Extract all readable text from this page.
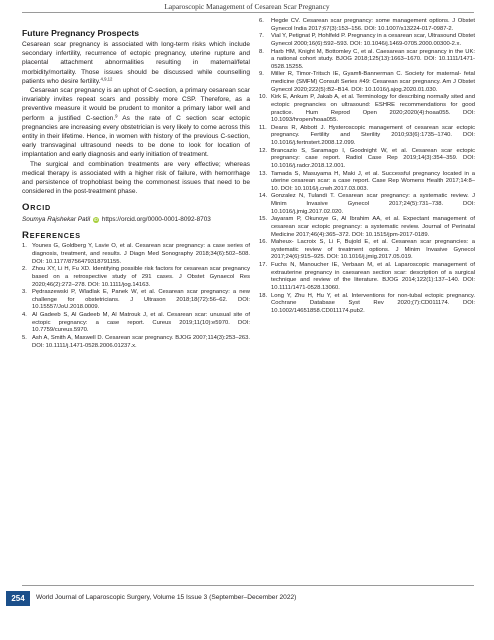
Laparoscopic Management of Cesarean Scar Pregnancy
Future Pregnancy Prospects

Cesarean scar pregnancy is associated with long-term risks which include secondary infertility, recurrence of ectopic pregnancy, uterine rupture and placental attachment abnormalities resulting in maternal/fetal morbidity/mortality. Those issues should be discussed while counselling patients who desire fertility.$^{4,9,12}$

Cesarean scar pregnancy is an uphot of C-section, a primary cesarean scar invariably invites repeat scars and possibly more CSP. Therefore, as a preventive measure it would be prudent to monitor a primary labor well and perform a justified C-section.$^9$ As the rate of C section scar ectopic pregnancies are increasing every obstetrician is very likely to come across this entity in their lifetime. Hence, in women with history of the previous C-section, early transvaginal ultrasound needs to be done to look for location of implantation and early diagnosis and early initiation of treatment.

The surgical and combination treatments are very effective; whereas medical therapy is associated with a higher risk of failure, with hemorrhage and persistence of trophoblast being the commonest issues that need to be considered in the post-treatment phase.

ORCID
Soumya Rajshekar Patil iD https://orcid.org/0000-0001-8092-8703
REFERENCES
1. Younes G, Goldberg Y, Lavie O, et al. Cesarean scar pregnancy: a case series of diagnosis, treatment, and results. J Diagn Med Sonography 2018;34(6):502–508. DOI: 10.1177/8756479318791155.
2. Zhou XY, Li H, Fu XD. Identifying possible risk factors for cesarean scar pregnancy based on a retrospective study of 291 cases. J Obstet Gynaecol Res 2020;46(2):272–278. DOI: 10.1111/jog.14163.
3. Pędraszewski P, Wladlak E, Panek W, et al. Cesarean scar pregnancy: a new challenge for obstetricians. J Ultrason 2018;18(72):56–62. DOI: 10.15557/JoU.2018.0009.
4. Al Gadeeb S, Al Gadeeb M, Al Matrouk J, et al. Cesarean scar: unusual site of ectopic pregnancy: a case report. Cureus 2019;11(10):e5970. DOI: 10.7759/cureus.5970.
5. Ash A, Smith A, Maxwell D. Cesarean scar pregnancy. BJOG 2007;114(3):253–263. DOI: 10.1111/j.1471-0528.2006.01237.x.
6. Hegde CV. Cesarean scar pregnancy: some management options. J Obstet Gynecol India 2017;67(3):153–156. DOI: 10.1007/s13224-017-0987-2.
7. Vial Y, Petignat P, Hohlfeld P. Pregnancy in a cesarean scar, Ultrasound Obstet Gynecol 2000;16(6):592–593. DOI: 10.1046/j.1469-0705.2000.00300-2.x.
8. Harb HM, Knight M, Bottomley C, et al. Caesarean scar pregnancy in the UK: a national cohort study. BJOG 2018;125(13):1663–1670. DOI: 10.1111/1471-0528.15255.
9. Miller R, Timor-Tritsch IE, Gyamfi-Bannerman C. Society for maternal- fetal medicine (SMFM) Consult Series #49: Cesarean scar pregnancy. Am J Obstet Gynecol 2020;222(5):B2–B14. DOI: 10.1016/j.ajog.2020.01.030.
10. Kirk E, Ankum P, Jakab A, et al. Terminology for describing normally sited and ectopic pregnancies on ultrasound: ESHRE recommendations for good practice. Hum Reprod Open 2020;2020(4):hoaa055. DOI: 10.1093/hropen/hoaa055.
11. Deans R, Abbott J. Hysteroscopic management of cesarean scar ectopic pregnancy. Fertility and Sterility 2010;93(6):1735–1740. DOI: 10.1016/j.fertnstert.2008.12.099.
12. Brancazio S, Saramago I, Goodnight W, et al. Cesarean scar ectopic pregnancy: case report. Radiol Case Rep 2019;14(3):354–359. DOI: 10.1016/j.radcr.2018.12.001.
13. Tamada S, Masuyama H, Maki J, et al. Successful pregnancy located in a uterine cesarean scar: a case report. Case Rep Womens Health 2017;14:8–10. DOI: 10.1016/j.crwh.2017.03.003.
14. Gonzalez N, Tulandi T. Cesarean scar pregnancy: a systematic review. J Minim Invasive Gynecol 2017;24(5):731–738. DOI: 10.1016/j.jmig.2017.02.020.
15. Jayaram P, Okunoye G, Al Ibrahim AA, et al. Expectant management of cesarean scar ectopic pregnancy: a systematic review. Journal of Perinatal Medicine 2017;46(4):365–372. DOI: 10.1515/jpm-2017-0189.
16. Maheux- Lacroix S, Li F, Bujold E, et al. Cesarean scar pregnancies: a systematic review of treatment options. J Minim Invasive Gynecol 2017;24(6):915–925. DOI: 10.1016/j.jmig.2017.05.019.
17. Fuchs N, Manoucher IE, Verbaan M, et al. Laparoscopic management of extrauterine pregnancy in caesarean section scar: description of a surgical technique and review of the literature. BJOG 2014;122(1):137–140. DOI: 10.1111/1471-0528.13060.
18. Long Y, Zhu H, Hu Y, et al. Interventions for non-tubal ectopic pregnancy. Cochrane Database Syst Rev 2020;(7):CD011174. DOI: 10.1002/14651858.CD011174.pub2.
254	World Journal of Laparoscopic Surgery, Volume 15 Issue 3 (September–December 2022)
